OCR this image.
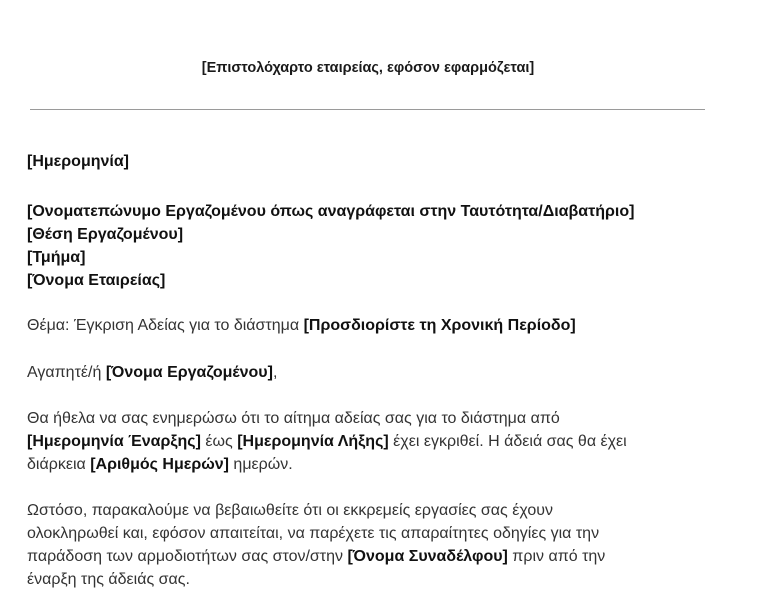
[Επιστολόχαρτο εταιρείας, εφόσον εφαρμόζεται]
[Ημερομηνία]
[Ονοματεπώνυμο Εργαζομένου όπως αναγράφεται στην Ταυτότητα/Διαβατήριο]
[Θέση Εργαζομένου]
[Τμήμα]
[Όνομα Εταιρείας]
Θέμα: Έγκριση Αδείας για το διάστημα [Προσδιορίστε τη Χρονική Περίοδο]
Αγαπητέ/ή [Όνομα Εργαζομένου],
Θα ήθελα να σας ενημερώσω ότι το αίτημα αδείας σας για το διάστημα από
[Ημερομηνία Έναρξης] έως [Ημερομηνία Λήξης] έχει εγκριθεί. Η άδειά σας θα έχει
διάρκεια [Αριθμός Ημερών] ημερών.
Ωστόσο, παρακαλούμε να βεβαιωθείτε ότι οι εκκρεμείς εργασίες σας έχουν
ολοκληρωθεί και, εφόσον απαιτείται, να παρέχετε τις απαραίτητες οδηγίες για την
παράδοση των αρμοδιοτήτων σας στον/στην [Όνομα Συναδέλφου] πριν από την
έναρξη της άδειάς σας.
